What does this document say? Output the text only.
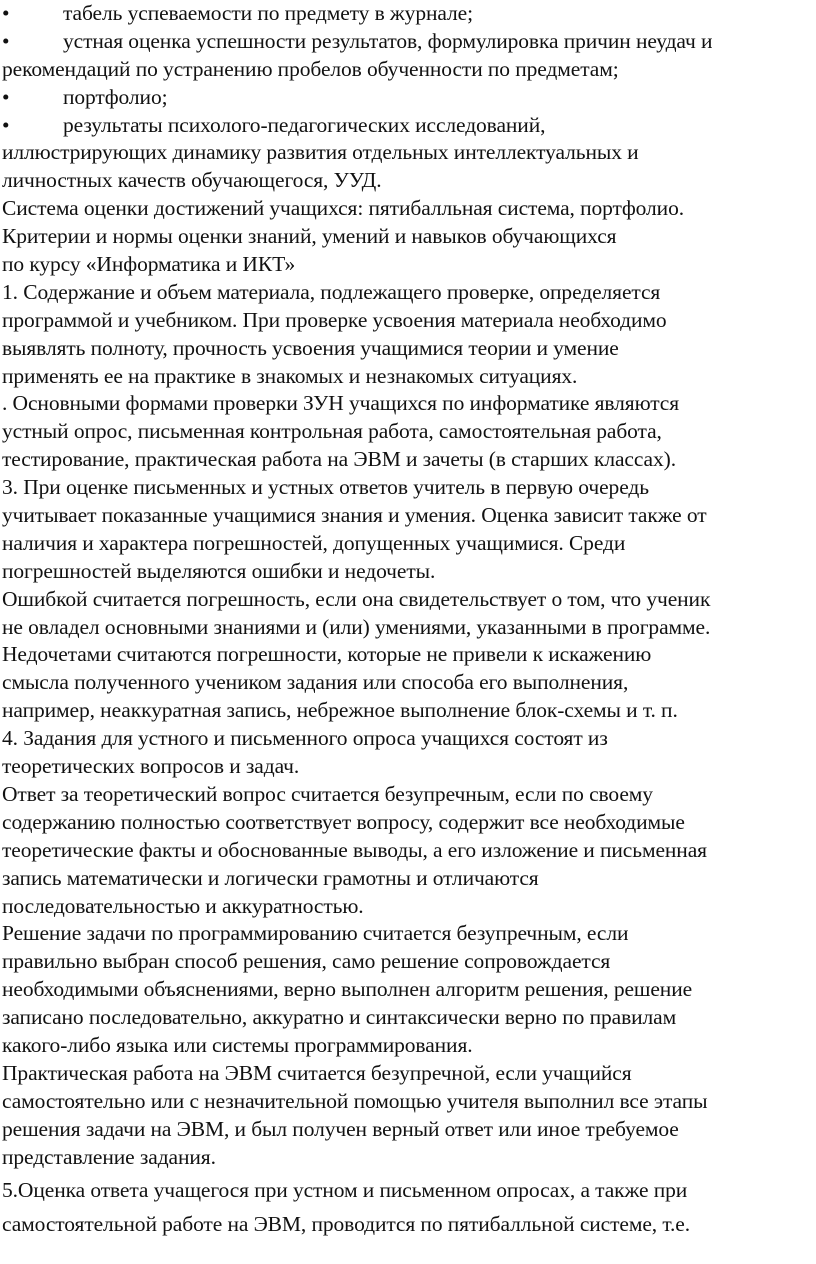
•	табель успеваемости по предмету в журнале;
•	устная оценка успешности результатов, формулировка причин неудач и
рекомендаций по устранению пробелов обученности по предметам;
•	портфолио;
•	результаты психолого-педагогических исследований,
иллюстрирующих динамику развития отдельных интеллектуальных и
личностных качеств обучающегося, УУД.
Система оценки достижений учащихся: пятибалльная система, портфолио.
Критерии и нормы оценки знаний, умений и навыков обучающихся
по курсу «Информатика и ИКТ»
1. Содержание и объем материала, подлежащего проверке, определяется
программой и учебником. При проверке усвоения материала необходимо
выявлять полноту, прочность усвоения учащимися теории и умение
применять ее на практике в знакомых и незнакомых ситуациях.
. Основными формами проверки ЗУН учащихся по информатике являются
устный опрос, письменная контрольная работа, самостоятельная работа,
тестирование, практическая работа на ЭВМ и зачеты (в старших классах).
3. При оценке письменных и устных ответов учитель в первую очередь
учитывает показанные учащимися знания и умения. Оценка зависит также от
наличия и характера погрешностей, допущенных учащимися. Среди
погрешностей выделяются ошибки и недочеты.
Ошибкой считается погрешность, если она свидетельствует о том, что ученик
не овладел основными знаниями и (или) умениями, указанными в программе.
Недочетами считаются погрешности, которые не привели к искажению
смысла полученного учеником задания или способа его выполнения,
например, неаккуратная запись, небрежное выполнение блок-схемы и т. п.
4. Задания для устного и письменного опроса учащихся состоят из
теоретических вопросов и задач.
Ответ за теоретический вопрос считается безупречным, если по своему
содержанию полностью соответствует вопросу, содержит все необходимые
теоретические факты и обоснованные выводы, а его изложение и письменная
запись математически и логически грамотны и отличаются
последовательностью и аккуратностью.
Решение задачи по программированию считается безупречным, если
правильно выбран способ решения, само решение сопровождается
необходимыми объяснениями, верно выполнен алгоритм решения, решение
записано последовательно, аккуратно и синтаксически верно по правилам
какого-либо языка или системы программирования.
Практическая работа на ЭВМ считается безупречной, если учащийся
самостоятельно или с незначительной помощью учителя выполнил все этапы
решения задачи на ЭВМ, и был получен верный ответ или иное требуемое
представление задания.
5.Оценка ответа учащегося при устном и письменном опросах, а также при
самостоятельной работе на ЭВМ, проводится по пятибалльной системе, т.е.
